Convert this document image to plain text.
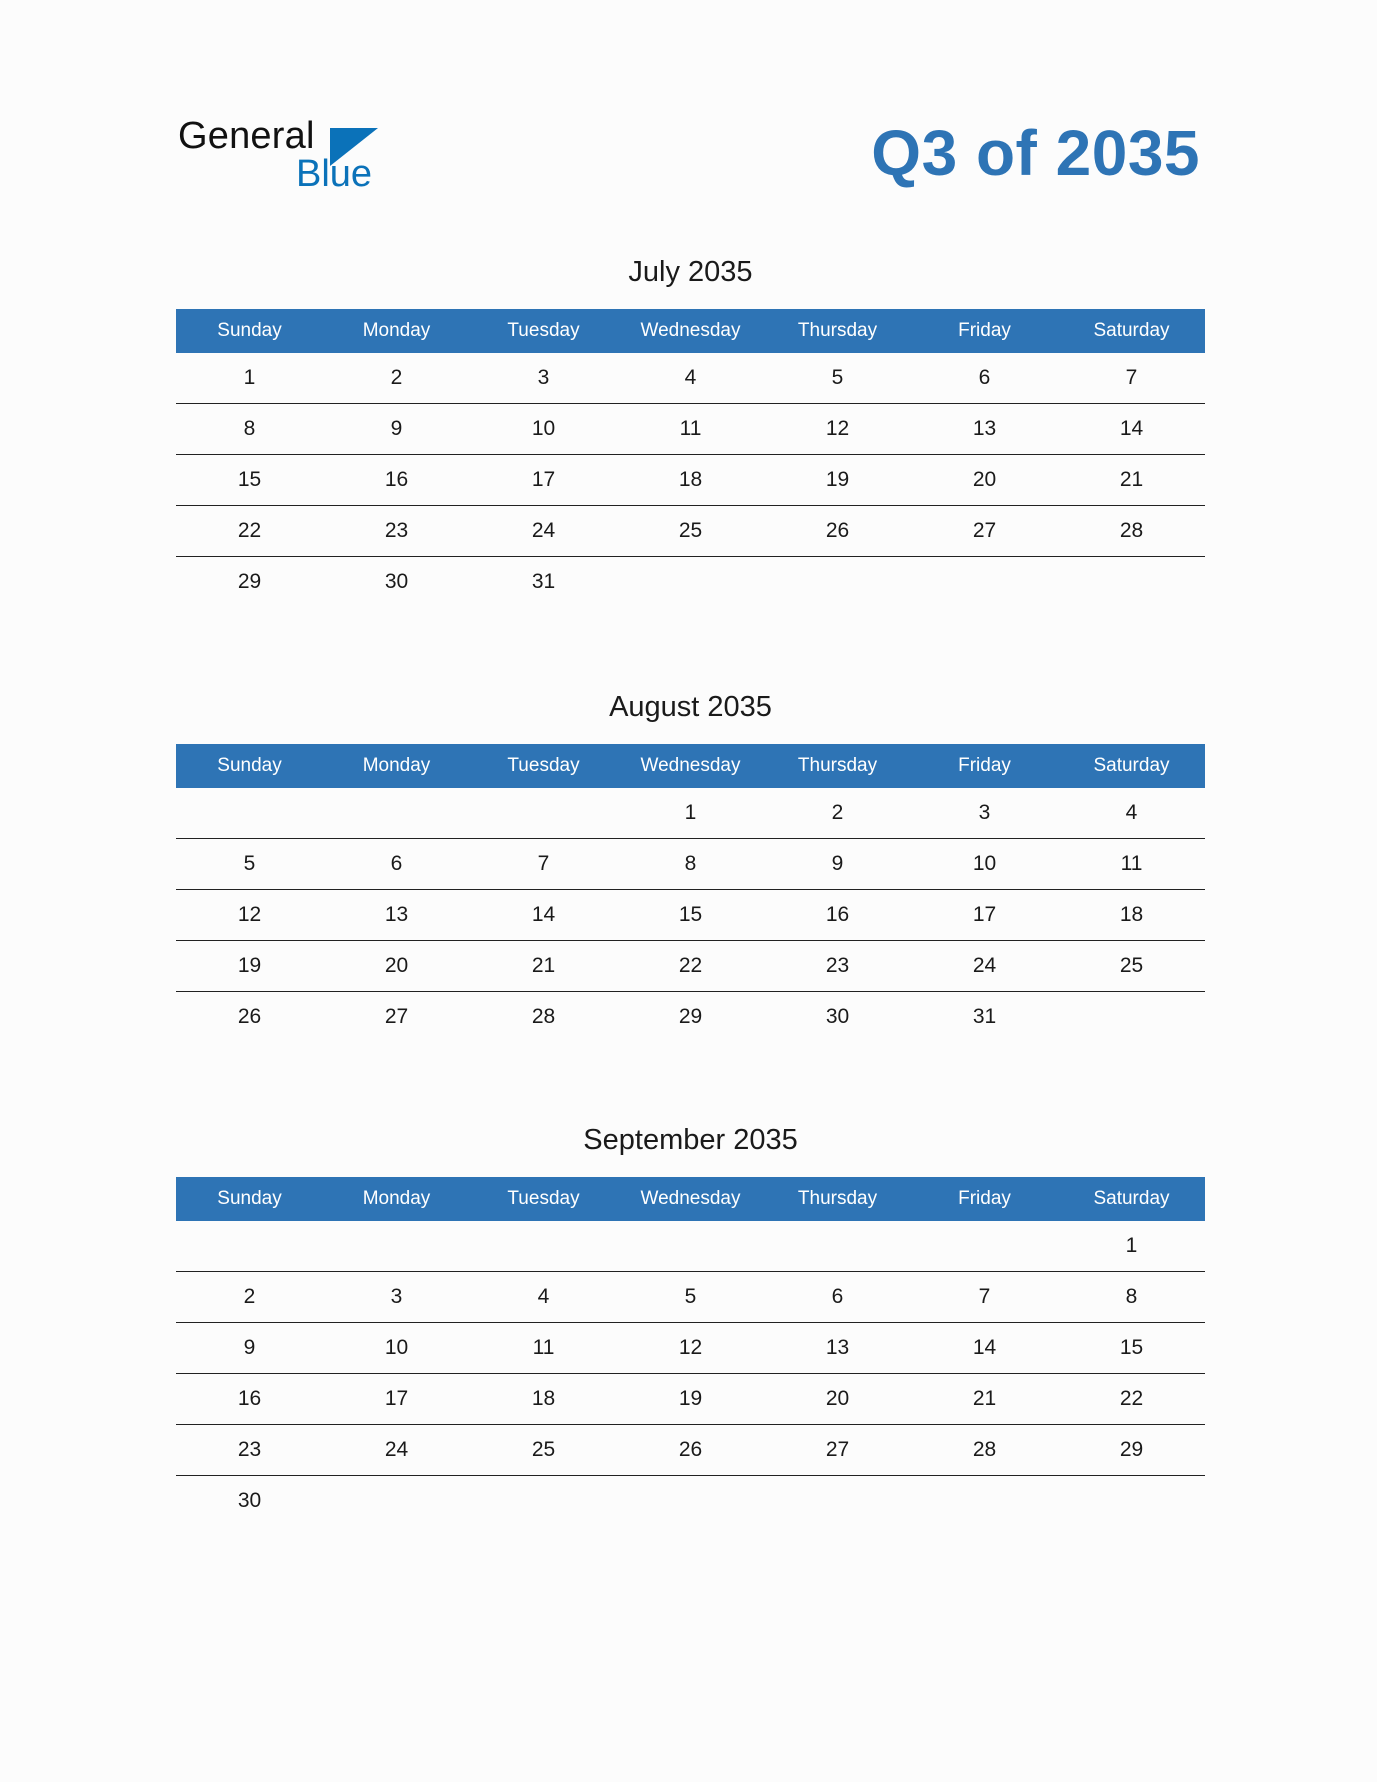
General
Blue	Q3 of 2035
July 2035
Sunday	Monday	Tuesday	Wednesday	Thursday	Friday	Saturday
1	2	3	4	5	6	7
8	9	10	11	12	13	14
15	16	17	18	19	20	21
22	23	24	25	26	27	28
29	30	31				
August 2035
Sunday	Monday	Tuesday	Wednesday	Thursday	Friday	Saturday
			1	2	3	4
5	6	7	8	9	10	11
12	13	14	15	16	17	18
19	20	21	22	23	24	25
26	27	28	29	30	31	
September 2035
Sunday	Monday	Tuesday	Wednesday	Thursday	Friday	Saturday
						1
2	3	4	5	6	7	8
9	10	11	12	13	14	15
16	17	18	19	20	21	22
23	24	25	26	27	28	29
30						
